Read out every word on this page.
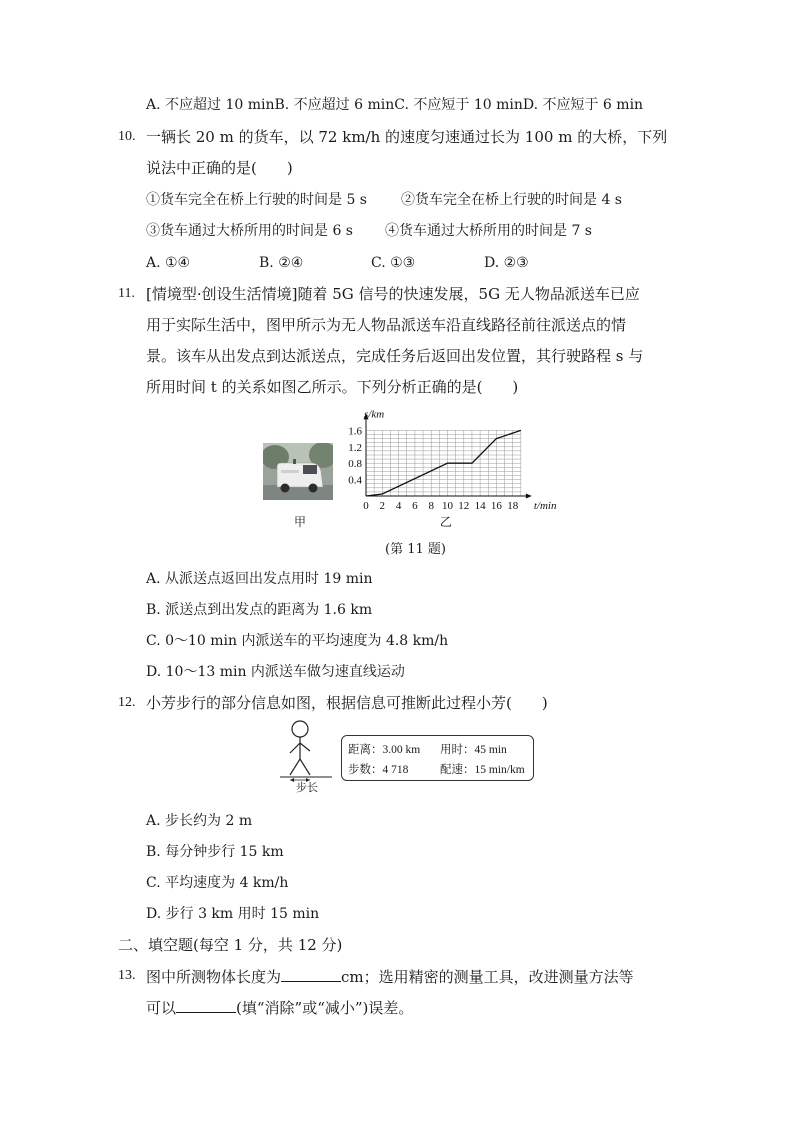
A. 不应超过 10 minB. 不应超过 6 minC. 不应短于 10 minD. 不应短于 6 min
10. 一辆长 20 m 的货车，以 72 km/h 的速度匀速通过长为 100 m 的大桥，下列
说法中正确的是(　　)
①货车完全在桥上行驶的时间是 5 s ②货车完全在桥上行驶的时间是 4 s
③货车通过大桥所用的时间是 6 s ④货车通过大桥所用的时间是 7 s
A. ①④	B. ②④	C. ①③	D. ②③
11. [情境型·创设生活情境]随着 5G 信号的快速发展，5G 无人物品派送车已应
用于实际生活中，图甲所示为无人物品派送车沿直线路径前往派送点的情
景。该车从出发点到达派送点，完成任务后返回出发位置，其行驶路程 s 与
所用时间 t 的关系如图乙所示。下列分析正确的是(　　)
甲
0 2 4 6 8 10 12 14 16 18
0.4
0.8
1.2
1.6
s/km
t/min
乙
(第 11 题)
A. 从派送点返回出发点用时 19 min
B. 派送点到出发点的距离为 1.6 km
C. 0～10 min 内派送车的平均速度为 4.8 km/h
D. 10～13 min 内派送车做匀速直线运动
12. 小芳步行的部分信息如图，根据信息可推断此过程小芳(　　)
步长
距离：3.00 km 用时：45 min
步数：4 718	配速：15 min/km
A. 步长约为 2 m
B. 每分钟步行 15 km
C. 平均速度为 4 km/h
D. 步行 3 km 用时 15 min
二、填空题(每空 1 分，共 12 分)
13. 图中所测物体长度为	cm；选用精密的测量工具，改进测量方法等
可以	(填“消除”或“减小”)误差。
